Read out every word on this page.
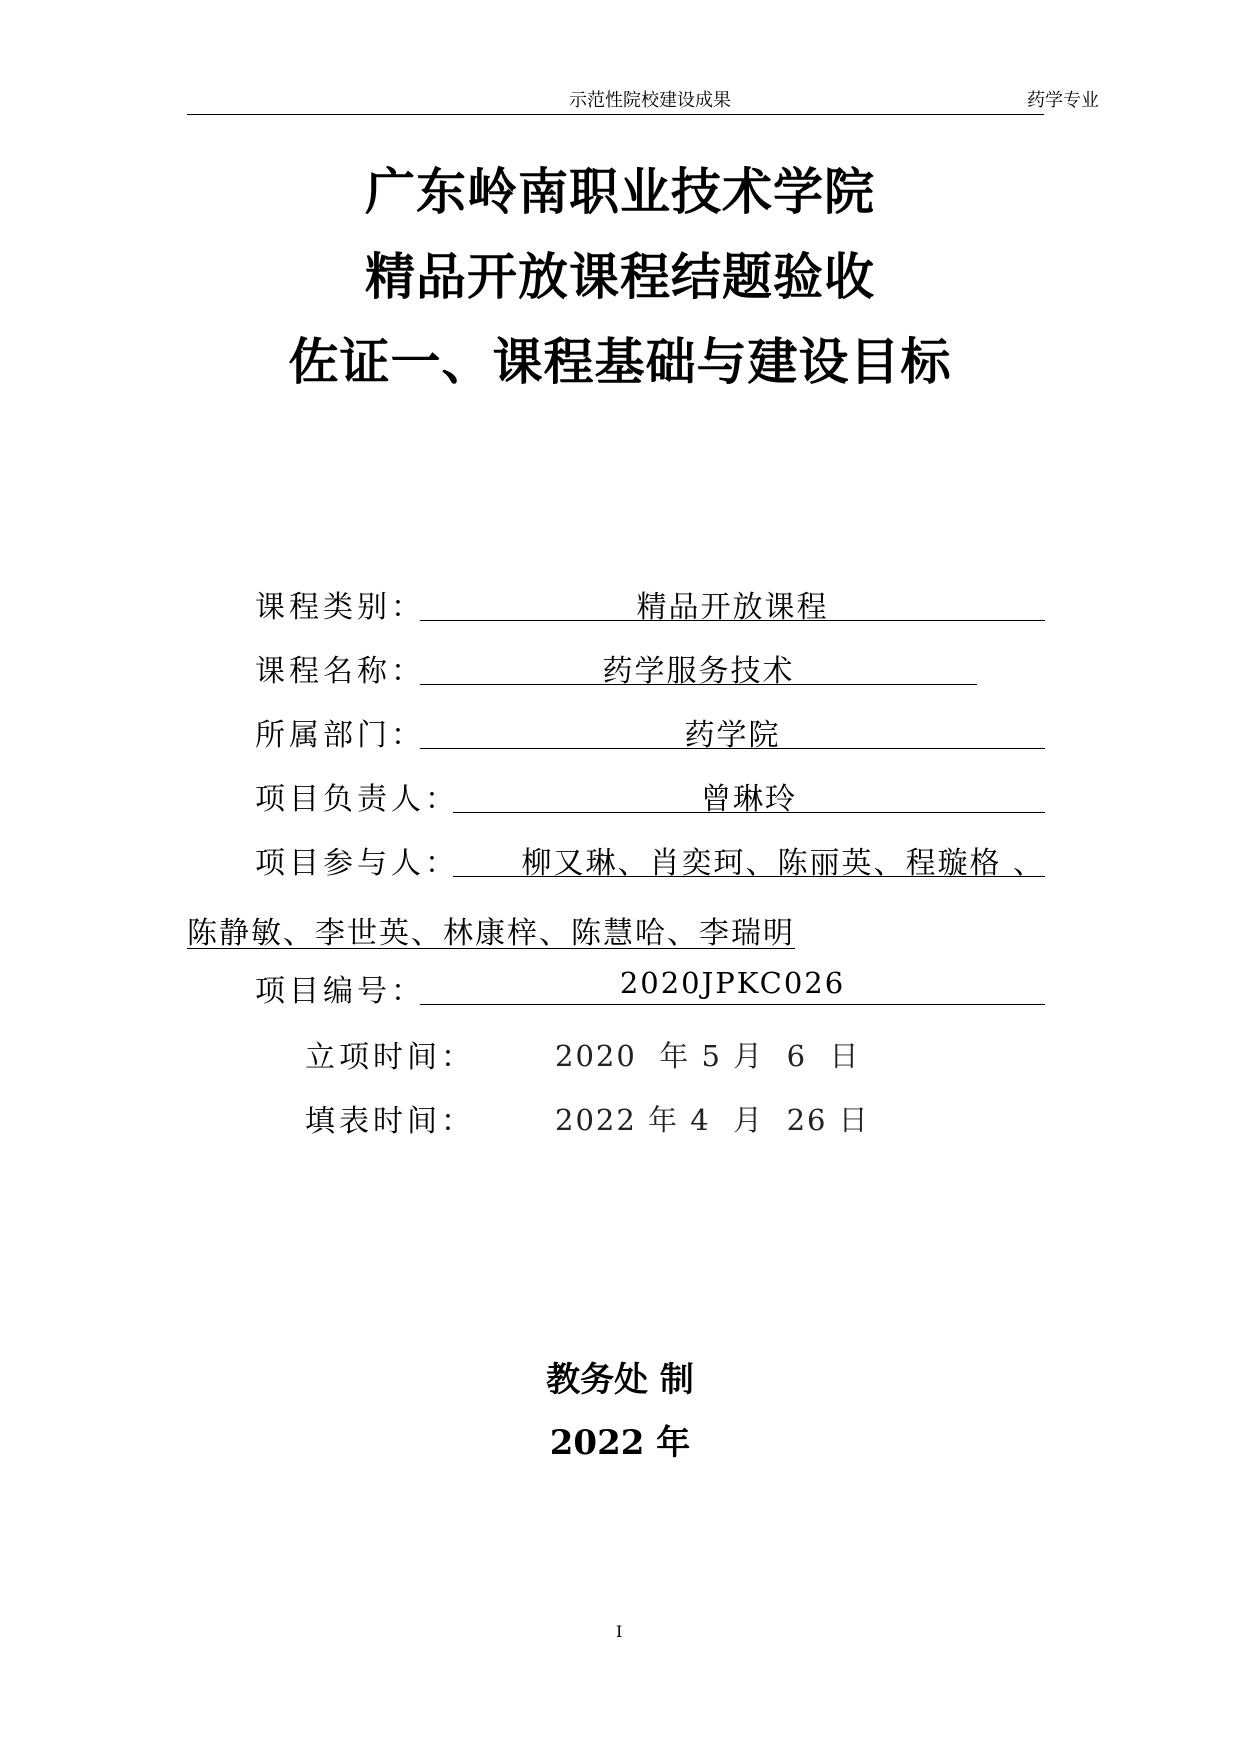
示范性院校建设成果	药学专业
广东岭南职业技术学院
精品开放课程结题验收
佐证一、课程基础与建设目标
课程类别：	精品开放课程
课程名称：	药学服务技术
所属部门：	药学院
项目负责人：	曾琳玲
项目参与人：	柳又琳、肖奕珂、陈丽英、程璇格 、
陈静敏、李世英、林康梓、陈慧哈、李瑞明
项目编号：	2020JPKC026
立项时间：	2020  年 5 月  6  日
填表时间：	2022 年 4  月  26 日
教务处 制
2022 年
I
